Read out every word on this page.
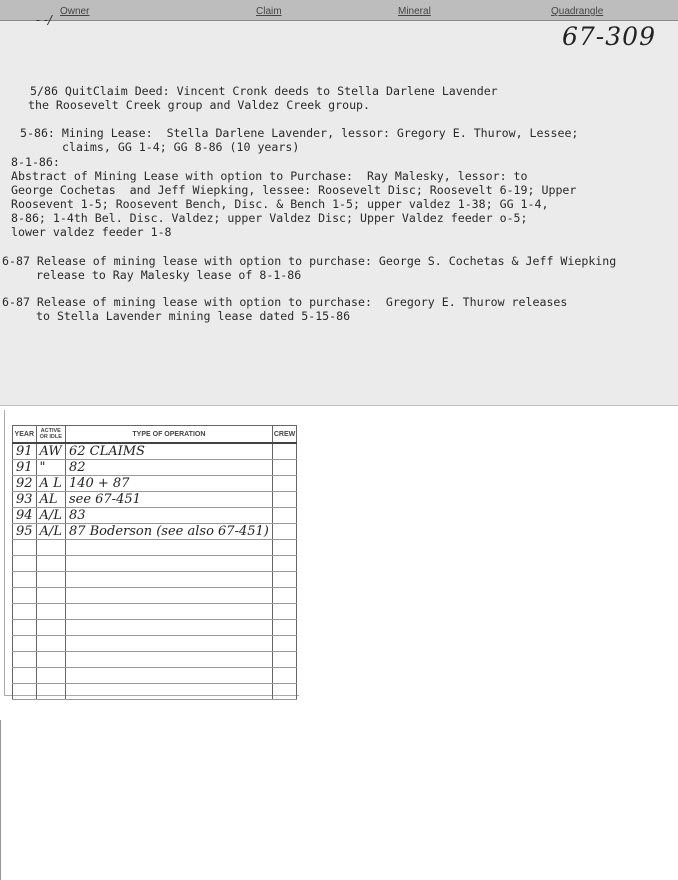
Owner	Claim	Mineral	Quadrangle
- -/
67-309
5/86 QuitClaim Deed: Vincent Cronk deeds to Stella Darlene Lavender
the Roosevelt Creek group and Valdez Creek group.
5-86: Mining Lease:  Stella Darlene Lavender, lessor: Gregory E. Thurow, Lessee;
claims, GG 1-4; GG 8-86 (10 years)
8-1-86:
Abstract of Mining Lease with option to Purchase:  Ray Malesky, lessor: to
George Cochetas  and Jeff Wiepking, lessee: Roosevelt Disc; Roosevelt 6-19; Upper
Roosevent 1-5; Roosevent Bench, Disc. & Bench 1-5; upper valdez 1-38; GG 1-4,
8-86; 1-4th Bel. Disc. Valdez; upper Valdez Disc; Upper Valdez feeder o-5;
lower valdez feeder 1-8
6-87 Release of mining lease with option to purchase: George S. Cochetas & Jeff Wiepking
release to Ray Malesky lease of 8-1-86
6-87 Release of mining lease with option to purchase:  Gregory E. Thurow releases
to Stella Lavender mining lease dated 5-15-86
YEAR	ACTIVE OR IDLE	TYPE OF OPERATION	CREW
91	AW	62 CLAIMS	
91	"	82	
92	A L	140 + 87	
93	AL	see 67-451	
94	A/L	83	
95	A/L	87 Boderson (see also 67-451)	
